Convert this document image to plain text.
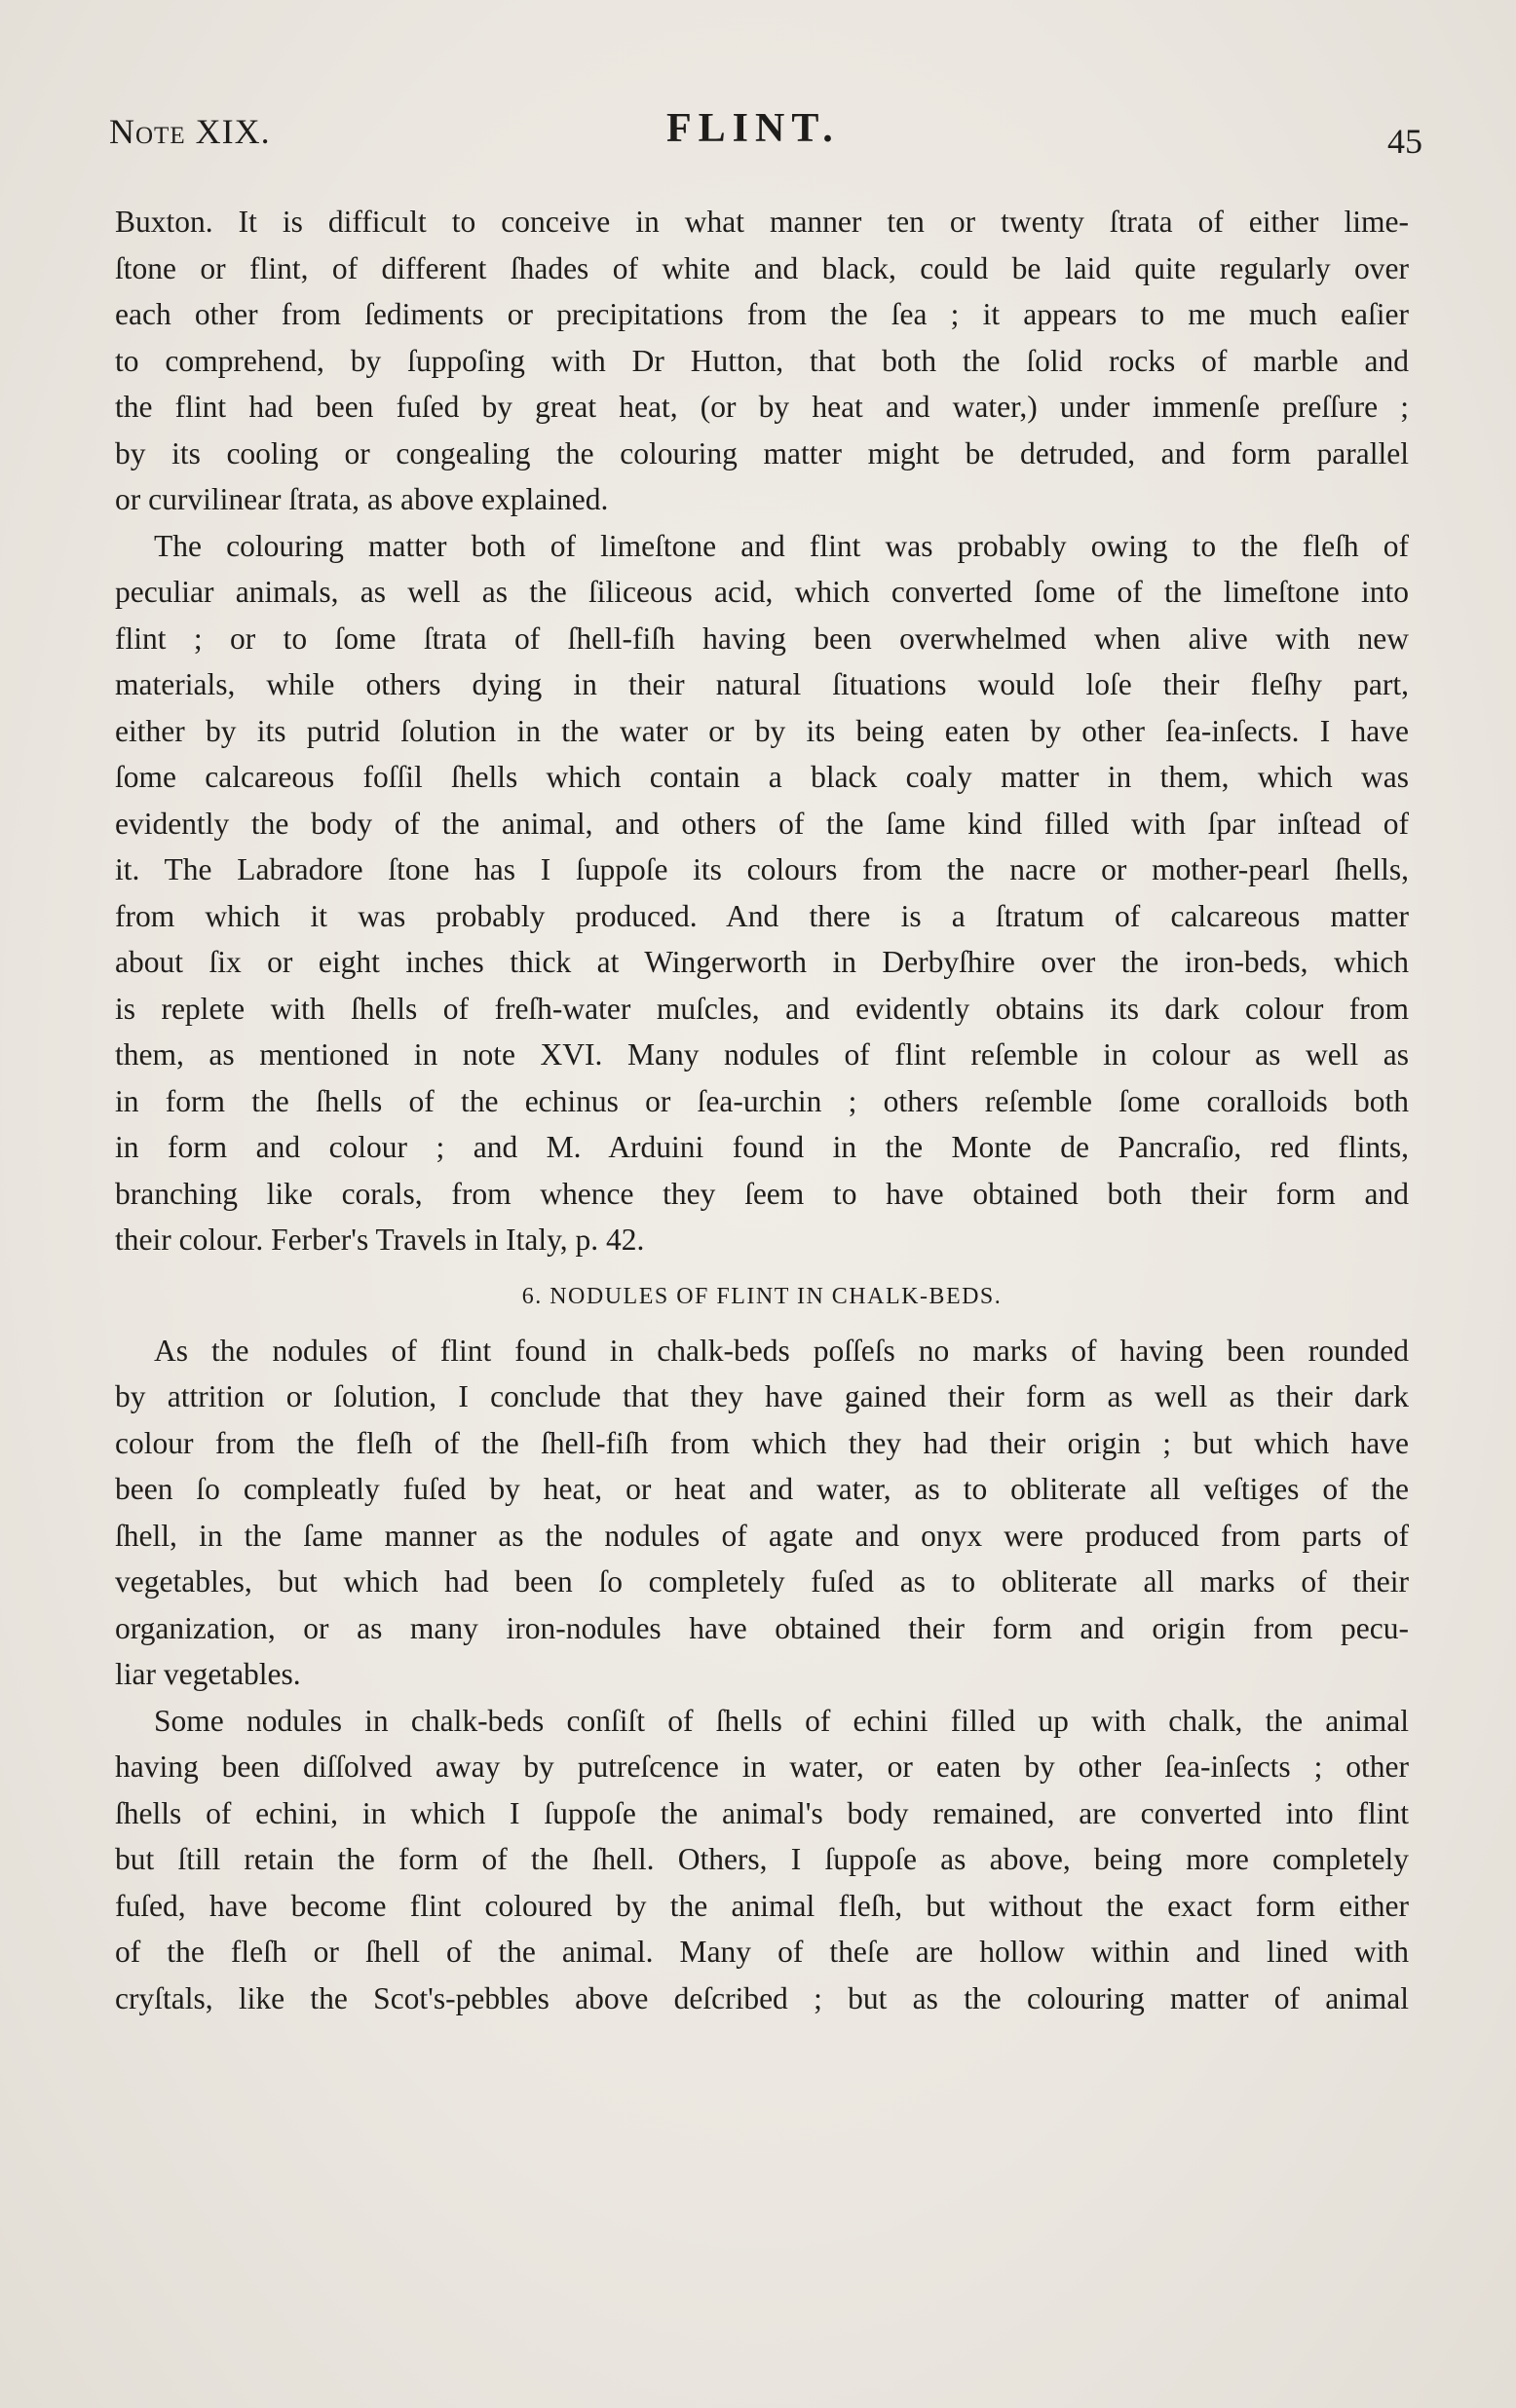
Note XIX.	FLINT.	45
Buxton. It is difficult to conceive in what manner ten or twenty ſtrata of either lime-
ſtone or flint, of different ſhades of white and black, could be laid quite regularly over
each other from ſediments or precipitations from the ſea ; it appears to me much eaſier
to comprehend, by ſuppoſing with Dr Hutton, that both the ſolid rocks of marble and
the flint had been fuſed by great heat, (or by heat and water,) under immenſe preſſure ;
by its cooling or congealing the colouring matter might be detruded, and form parallel
or curvilinear ſtrata, as above explained.
The colouring matter both of limeſtone and flint was probably owing to the fleſh of
peculiar animals, as well as the ſiliceous acid, which converted ſome of the limeſtone into
flint ; or to ſome ſtrata of ſhell-fiſh having been overwhelmed when alive with new
materials, while others dying in their natural ſituations would loſe their fleſhy part,
either by its putrid ſolution in the water or by its being eaten by other ſea-inſects. I have
ſome calcareous foſſil ſhells which contain a black coaly matter in them, which was
evidently the body of the animal, and others of the ſame kind filled with ſpar inſtead of
it. The Labradore ſtone has I ſuppoſe its colours from the nacre or mother-pearl ſhells,
from which it was probably produced. And there is a ſtratum of calcareous matter
about ſix or eight inches thick at Wingerworth in Derbyſhire over the iron-beds, which
is replete with ſhells of freſh-water muſcles, and evidently obtains its dark colour from
them, as mentioned in note XVI. Many nodules of flint reſemble in colour as well as
in form the ſhells of the echinus or ſea-urchin ; others reſemble ſome coralloids both
in form and colour ; and M. Arduini found in the Monte de Pancraſio, red flints,
branching like corals, from whence they ſeem to have obtained both their form and
their colour. Ferber's Travels in Italy, p. 42.
6. NODULES OF FLINT IN CHALK-BEDS.
As the nodules of flint found in chalk-beds poſſeſs no marks of having been rounded
by attrition or ſolution, I conclude that they have gained their form as well as their dark
colour from the fleſh of the ſhell-fiſh from which they had their origin ; but which have
been ſo compleatly fuſed by heat, or heat and water, as to obliterate all veſtiges of the
ſhell, in the ſame manner as the nodules of agate and onyx were produced from parts of
vegetables, but which had been ſo completely fuſed as to obliterate all marks of their
organization, or as many iron-nodules have obtained their form and origin from pecu-
liar vegetables.
Some nodules in chalk-beds conſiſt of ſhells of echini filled up with chalk, the animal
having been diſſolved away by putreſcence in water, or eaten by other ſea-inſects ; other
ſhells of echini, in which I ſuppoſe the animal's body remained, are converted into flint
but ſtill retain the form of the ſhell. Others, I ſuppoſe as above, being more completely
fuſed, have become flint coloured by the animal fleſh, but without the exact form either
of the fleſh or ſhell of the animal. Many of theſe are hollow within and lined with
cryſtals, like the Scot's-pebbles above deſcribed ; but as the colouring matter of animal
